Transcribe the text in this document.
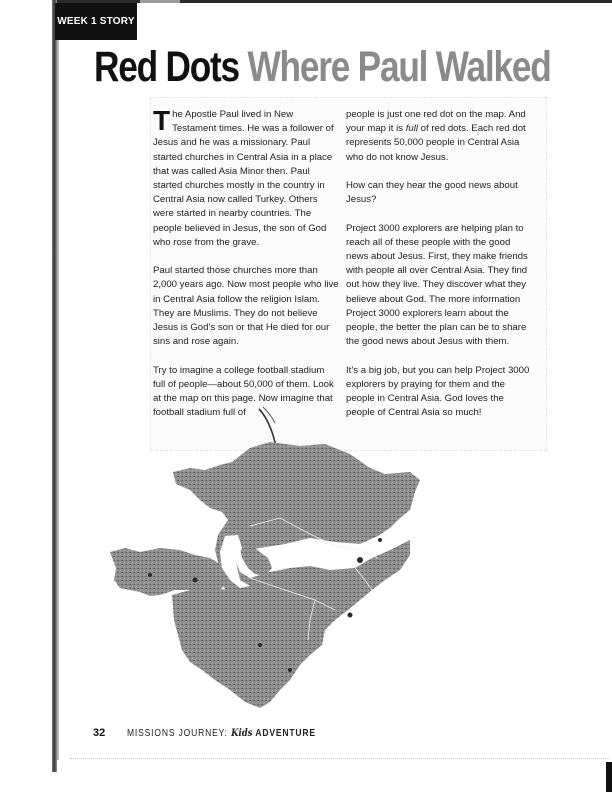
WEEK 1 STORY
Red Dots Where Paul Walked

The Apostle Paul lived in New Testament times. He was a follower of Jesus and he was a missionary. Paul started churches in Central Asia in a place that was called Asia Minor then. Paul started churches mostly in the country in Central Asia now called Turkey. Others were started in nearby countries. The people believed in Jesus, the son of God who rose from the grave.

Paul started those churches more than 2,000 years ago. Now most people who live in Central Asia follow the religion Islam. They are Muslims. They do not believe Jesus is God’s son or that He died for our sins and rose again.

Try to imagine a college football stadium full of people—about 50,000 of them. Look at the map on this page. Now imagine that football stadium full of

people is just one red dot on the map. And your map it is full of red dots. Each red dot represents 50,000 people in Central Asia who do not know Jesus.

How can they hear the good news about Jesus?

Project 3000 explorers are helping plan to reach all of these people with the good news about Jesus. First, they make friends with people all over Central Asia. They find out how they live. They discover what they believe about God. The more information Project 3000 explorers learn about the people, the better the plan can be to share the good news about Jesus with them.

It’s a big job, but you can help Project 3000 explorers by praying for them and the people in Central Asia. God loves the people of Central Asia so much!

32	MISSIONS JOURNEY: Kids ADVENTURE
